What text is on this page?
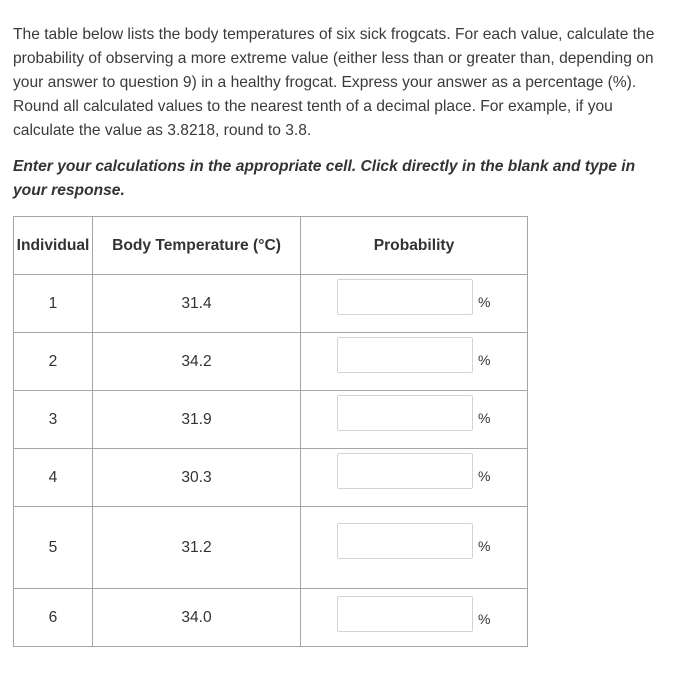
The table below lists the body temperatures of six sick frogcats. For each value, calculate the probability of observing a more extreme value (either less than or greater than, depending on your answer to question 9) in a healthy frogcat. Express your answer as a percentage (%). Round all calculated values to the nearest tenth of a decimal place. For example, if you calculate the value as 3.8218, round to 3.8.

Enter your calculations in the appropriate cell. Click directly in the blank and type in your response.

Individual	Body Temperature (°C)	Probability
1	31.4	%

2	34.2	%

3	31.9	%

4	30.3	%

5	31.2	%

6	34.0	%
